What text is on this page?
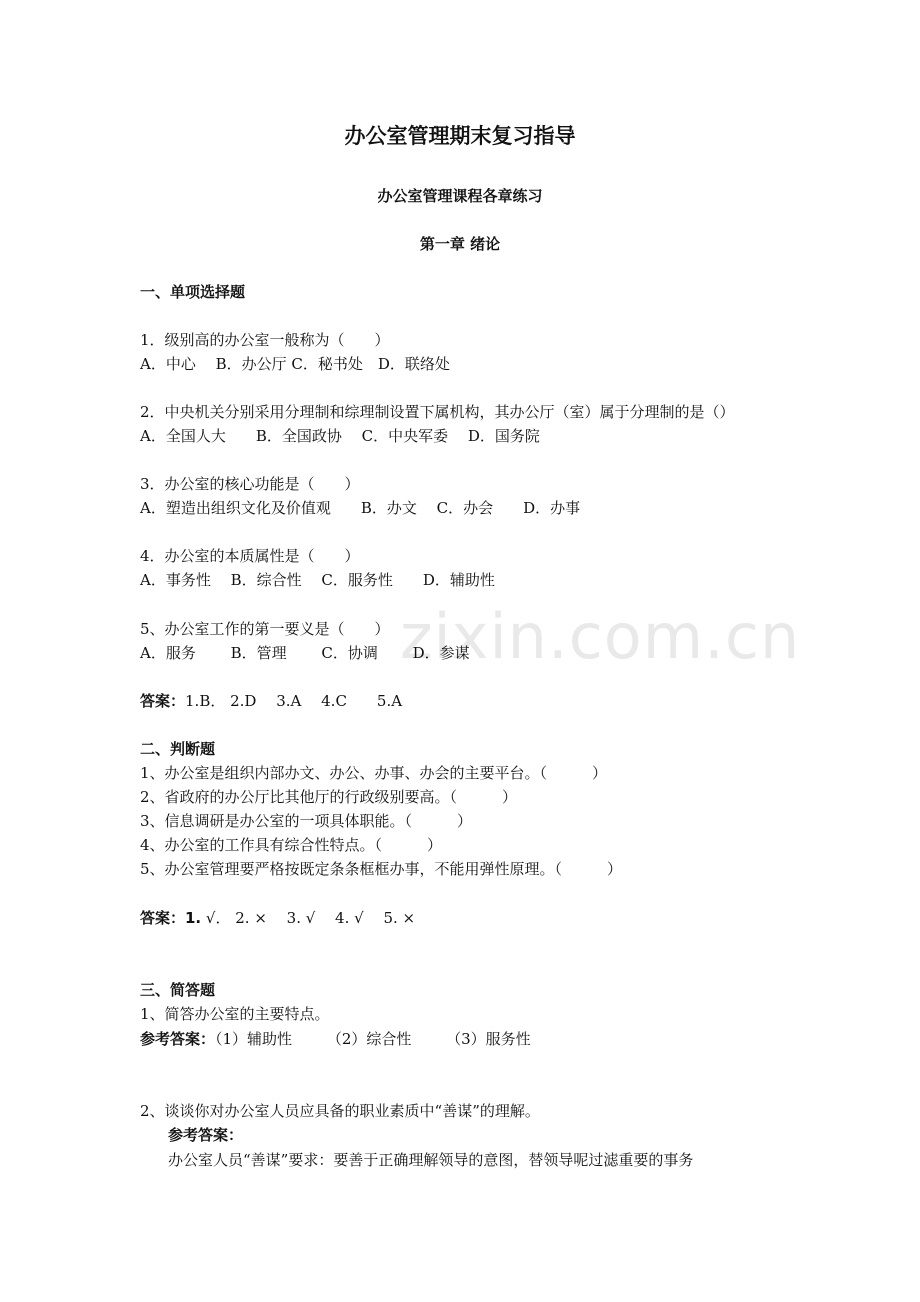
zixin.com.cn
办公室管理期末复习指导
办公室管理课程各章练习
第一章 绪论
一、单项选择题
1．级别高的办公室一般称为（　　）
A．中心　 B．办公厅 C．秘书处　D．联络处
2．中央机关分别采用分理制和综理制设置下属机构，其办公厅（室）属于分理制的是（）
A．全国人大　　B．全国政协　 C．中央军委　 D．国务院
3．办公室的核心功能是（　　）
A．塑造出组织文化及价值观　　B．办文　 C．办会　　D．办事
4．办公室的本质属性是（　　）
A．事务性　 B．综合性　 C．服务性　　D．辅助性
5、办公室工作的第一要义是（　　）
A．服务　　 B．管理　　 C．协调　　 D．参谋
答案：1.B． 2.D　 3.A　 4.C　　5.A
二、判断题
1、办公室是组织内部办文、办公、办事、办会的主要平台。（　　　）
2、省政府的办公厅比其他厅的行政级别要高。（　　　）
3、信息调研是办公室的一项具体职能。（　　　）
4、办公室的工作具有综合性特点。（　　　）
5、办公室管理要严格按既定条条框框办事，不能用弹性原理。（　　　）
答案：1. √． 2. ×　 3. √　 4. √　 5. ×
三、简答题
1、简答办公室的主要特点。
参考答案：（1）辅助性　　 （2）综合性　　 （3）服务性
2、谈谈你对办公室人员应具备的职业素质中“善谋”的理解。
参考答案：
办公室人员“善谋”要求：要善于正确理解领导的意图，替领导呢过滤重要的事务
